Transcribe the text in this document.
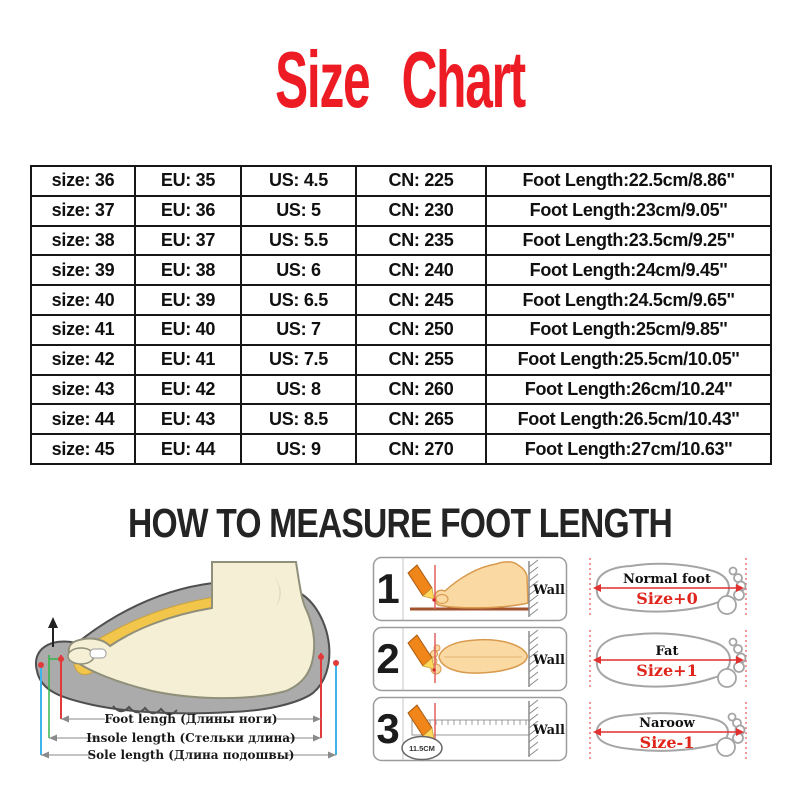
Size Chart
size: 36	EU: 35	US: 4.5	CN: 225	Foot Length:22.5cm/8.86''
size: 37	EU: 36	US: 5	CN: 230	Foot Length:23cm/9.05''
size: 38	EU: 37	US: 5.5	CN: 235	Foot Length:23.5cm/9.25''
size: 39	EU: 38	US: 6	CN: 240	Foot Length:24cm/9.45''
size: 40	EU: 39	US: 6.5	CN: 245	Foot Length:24.5cm/9.65''
size: 41	EU: 40	US: 7	CN: 250	Foot Length:25cm/9.85''
size: 42	EU: 41	US: 7.5	CN: 255	Foot Length:25.5cm/10.05''
size: 43	EU: 42	US: 8	CN: 260	Foot Length:26cm/10.24''
size: 44	EU: 43	US: 8.5	CN: 265	Foot Length:26.5cm/10.43''
size: 45	EU: 44	US: 9	CN: 270	Foot Length:27cm/10.63''
HOW TO MEASURE FOOT LENGTH
Foot lengh (Длины ноги)
Insole length (Стельки длина)
Sole length (Длина подошвы)
1	Wall
2	Wall
3 11.5CM
Wall
Normal foot
Size+0
Fat
Size+1
Naroow
Size-1
